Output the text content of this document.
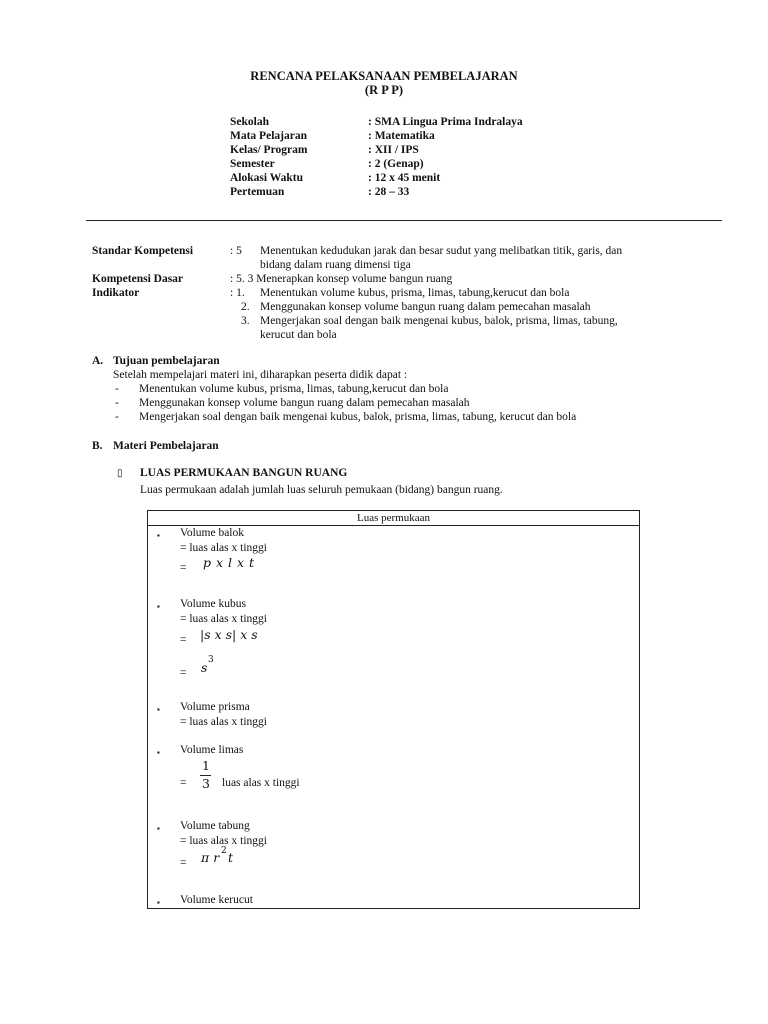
RENCANA PELAKSANAAN PEMBELAJARAN
(R P P)
Sekolah	: SMA Lingua Prima Indralaya
Mata Pelajaran	: Matematika
Kelas/ Program	: XII / IPS
Semester	: 2 (Genap)
Alokasi Waktu	: 12 x 45 menit
Pertemuan	: 28 – 33
Standar Kompetensi	: 5 Menentukan kedudukan jarak dan besar sudut yang melibatkan titik, garis, dan
bidang dalam ruang dimensi tiga
Kompetensi Dasar	: 5. 3 Menerapkan konsep volume bangun ruang
Indikator	: 1. Menentukan volume kubus, prisma, limas, tabung,kerucut dan bola
2. Menggunakan konsep volume bangun ruang dalam pemecahan masalah
3. Mengerjakan soal dengan baik mengenai kubus, balok, prisma, limas, tabung,
kerucut dan bola
A. Tujuan pembelajaran
Setelah mempelajari materi ini, diharapkan peserta didik dapat :
- Menentukan volume kubus, prisma, limas, tabung,kerucut dan bola
- Menggunakan konsep volume bangun ruang dalam pemecahan masalah
- Mengerjakan soal dengan baik mengenai kubus, balok, prisma, limas, tabung, kerucut dan bola
B. Materi Pembelajaran
▯ LUAS PERMUKAAN BANGUN RUANG
Luas permukaan adalah jumlah luas seluruh pemukaan (bidang) bangun ruang.
Luas permukaan
▪ Volume balok
= luas alas x tinggi
= p x l x t
▪ Volume kubus
= luas alas x tinggi
= |s x s| x s
= s 3
▪ Volume prisma
= luas alas x tinggi
▪ Volume limas
=
1
3 luas alas x tinggi
▪ Volume tabung
= luas alas x tinggi
= π r 2 t
▪ Volume kerucut
